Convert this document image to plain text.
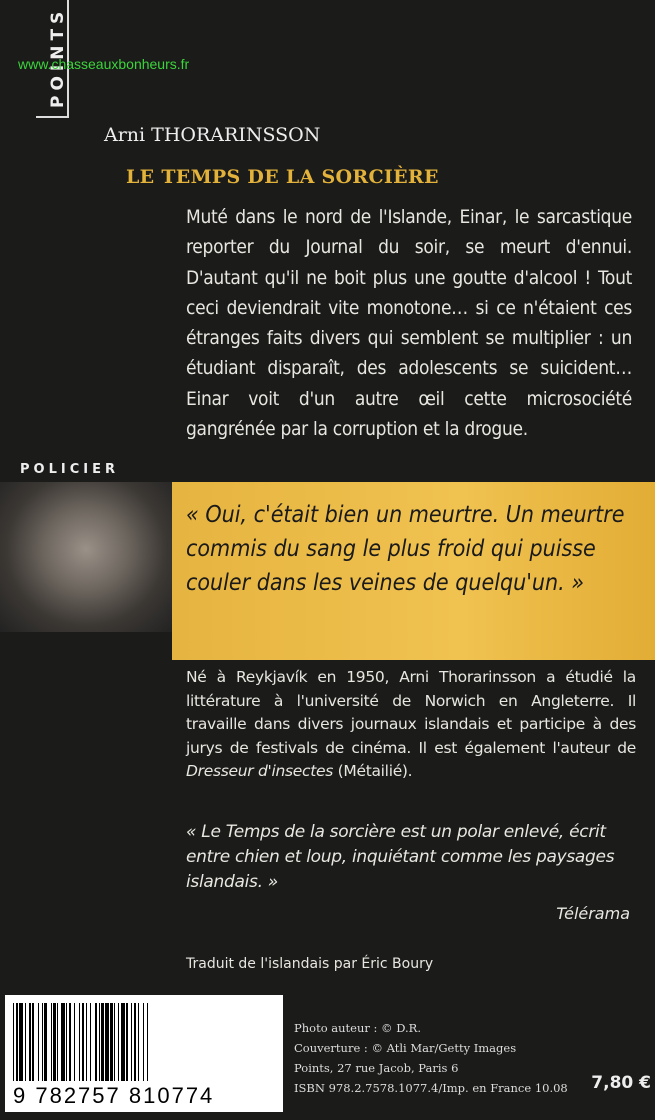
POINTS
www.chasseauxbonheurs.fr
Arni THORARINSSON
LE TEMPS DE LA SORCIÈRE
Muté dans le nord de l'Islande, Einar, le sarcastique reporter du Journal du soir, se meurt d'ennui. D'autant qu'il ne boit plus une goutte d'alcool ! Tout ceci deviendrait vite monotone… si ce n'étaient ces étranges faits divers qui semblent se multiplier : un étudiant disparaît, des adolescents se suicident… Einar voit d'un autre œil cette microsociété gangrénée par la corruption et la drogue.
POLICIER
« Oui, c'était bien un meurtre. Un meurtre commis du sang le plus froid qui puisse couler dans les veines de quelqu'un. »
Né à Reykjavík en 1950, Arni Thorarinsson a étudié la littérature à l'université de Norwich en Angleterre. Il travaille dans divers journaux islandais et participe à des jurys de festivals de cinéma. Il est également l'auteur de Dresseur d'insectes (Métailié).
« Le Temps de la sorcière est un polar enlevé, écrit entre chien et loup, inquiétant comme les paysages islandais. »
Télérama
Traduit de l'islandais par Éric Boury
9 782757 810774
Photo auteur : © D.R.
Couverture : © Atli Mar/Getty Images
Points, 27 rue Jacob, Paris 6
ISBN 978.2.7578.1077.4/Imp. en France 10.08 7,80 €
